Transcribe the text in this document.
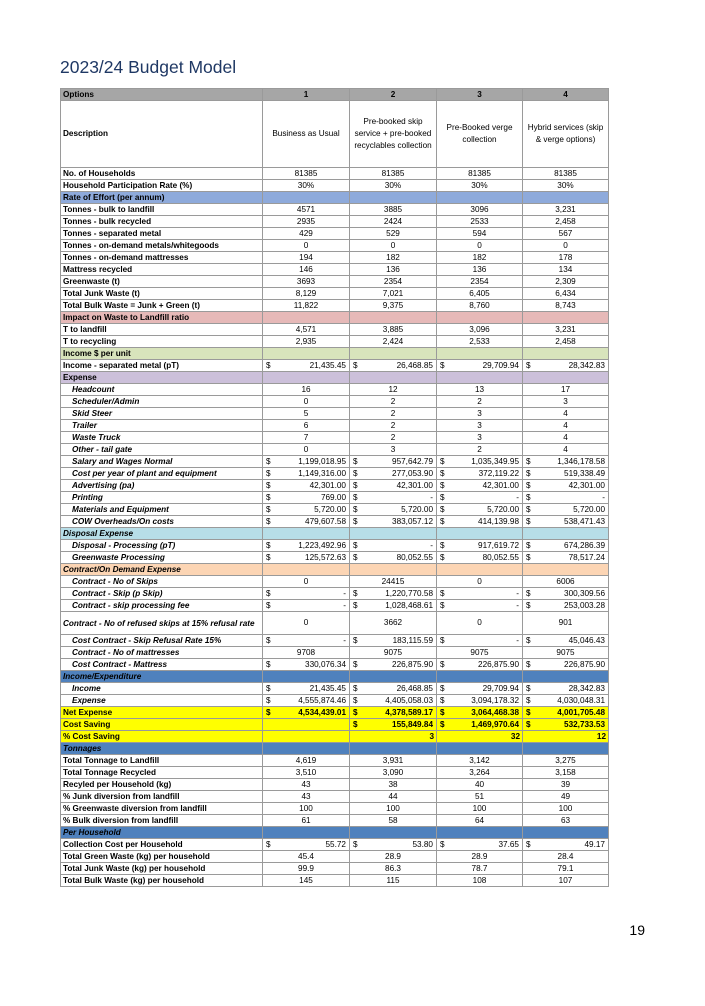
2023/24 Budget Model
Options	1	2	3	4
Description	Business as Usual	Pre-booked skip service + pre-booked recyclables collection	Pre-Booked verge collection	Hybrid services (skip & verge options)
No. of Households	81385	81385	81385	81385
Household Participation Rate (%)	30%	30%	30%	30%
Rate of Effort (per annum)				
Tonnes - bulk to landfill	4571	3885	3096	3,231
Tonnes - bulk recycled	2935	2424	2533	2,458
Tonnes - separated metal	429	529	594	567
Tonnes - on-demand metals/whitegoods	0	0	0	0
Tonnes - on-demand mattresses	194	182	182	178
Mattress recycled	146	136	136	134
Greenwaste (t)	3693	2354	2354	2,309
Total Junk Waste (t)	8,129	7,021	6,405	6,434
Total Bulk Waste = Junk + Green (t)	11,822	9,375	8,760	8,743
Impact on Waste to Landfill ratio				
T to landfill	4,571	3,885	3,096	3,231
T to recycling	2,935	2,424	2,533	2,458
Income $ per unit				
Income - separated metal (pT)	$ 21,435.45	$ 26,468.85	$ 29,709.94	$ 28,342.83

Expense				
Headcount	16	12	13	17
Scheduler/Admin	0	2	2	3
Skid Steer	5	2	3	4
Trailer	6	2	3	4
Waste Truck	7	2	3	4
Other - tail gate	0	3	2	4
Salary and Wages Normal	$ 1,199,018.95	$ 957,642.79	$ 1,035,349.95	$ 1,346,178.58

Cost per year of plant and equipment	$ 1,149,316.00	$ 277,053.90	$ 372,119.22	$ 519,338.49

Advertising (pa)	$ 42,301.00	$ 42,301.00	$ 42,301.00	$ 42,301.00

Printing	$ 769.00	$ -	$ -	$ -

Materials and Equipment	$ 5,720.00	$ 5,720.00	$ 5,720.00	$ 5,720.00

COW Overheads/On costs	$ 479,607.58	$ 383,057.12	$ 414,139.98	$ 538,471.43

Disposal Expense				
Disposal - Processing (pT)	$ 1,223,492.96	$ -	$ 917,619.72	$ 674,286.39

Greenwaste Processing	$ 125,572.63	$ 80,052.55	$ 80,052.55	$ 78,517.24

Contract/On Demand Expense				
Contract - No of Skips	0	24415	0	6006
Contract - Skip (p Skip)	$ -	$ 1,220,770.58	$ -	$ 300,309.56

Contract - skip processing fee	$ -	$ 1,028,468.61	$ -	$ 253,003.28

Contract - No of refused skips at 15% refusal rate	0	3662	0	901
Cost Contract - Skip Refusal Rate 15%	$ -	$ 183,115.59	$ -	$ 45,046.43

Contract - No of mattresses	9708	9075	9075	9075
Cost Contract - Mattress	$ 330,076.34	$ 226,875.90	$ 226,875.90	$ 226,875.90

Income/Expenditure				
Income	$ 21,435.45	$ 26,468.85	$ 29,709.94	$ 28,342.83

Expense	$ 4,555,874.46	$ 4,405,058.03	$ 3,094,178.32	$ 4,030,048.31

Net Expense	$ 4,534,439.01	$ 4,378,589.17	$ 3,064,468.38	$ 4,001,705.48

Cost Saving		$ 155,849.84	$ 1,469,970.64	$ 532,733.53

% Cost Saving		3	32	12
Tonnages				
Total Tonnage to Landfill	4,619	3,931	3,142	3,275
Total Tonnage Recycled	3,510	3,090	3,264	3,158
Recyled per Household (kg)	43	38	40	39
% Junk diversion from landfill	43	44	51	49
% Greenwaste diversion from landfill	100	100	100	100
% Bulk diversion from landfill	61	58	64	63
Per Household				
Collection Cost per Household	$ 55.72	$ 53.80	$ 37.65	$ 49.17

Total Green Waste (kg) per household	45.4	28.9	28.9	28.4
Total Junk Waste (kg) per household	99.9	86.3	78.7	79.1
Total Bulk Waste (kg) per household	145	115	108	107
19
